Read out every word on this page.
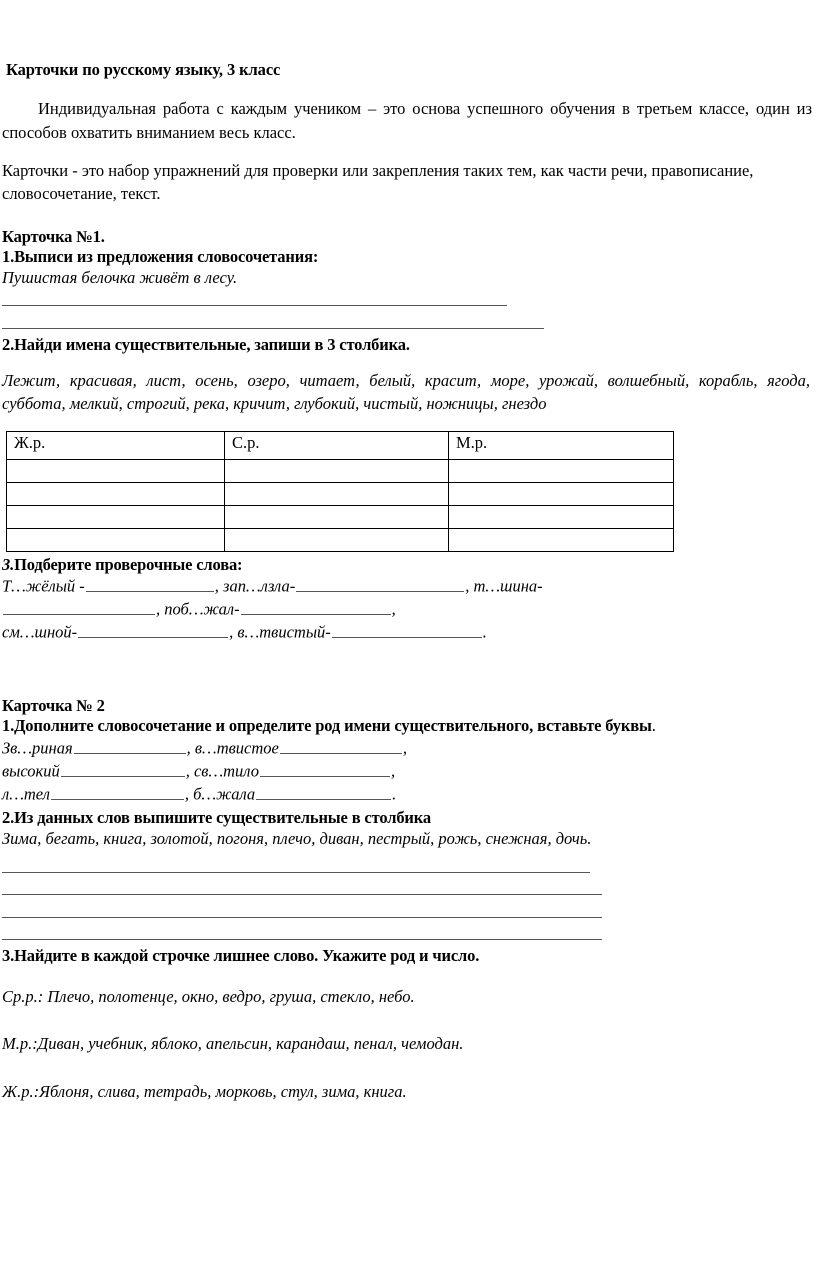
Карточки по русскому языку, 3 класс

Индивидуальная работа с каждым учеником – это основа успешного обучения в третьем классе, один из способов охватить вниманием весь класс.

Карточки - это набор упражнений для проверки или закрепления таких тем, как части речи, правописание, словосочетание, текст.

Карточка №1.
1.Выписи из предложения словосочетания:
Пушистая белочка живёт в лесу.
2.Найди имена существительные, запиши в 3 столбика.

Лежит, красивая, лист, осень, озеро, читает, белый, красит, море, урожай, волшебный, корабль, ягода, суббота, мелкий, строгий, река, кричит, глубокий, чистый, ножницы, гнездо

Ж.р.	С.р.	М.р.

3.Подберите проверочные слова:
Т…жёлый -	, зап…лзла-	, т…шина-
, поб…жал-	,
см…шной-	, в…твистый-	.
Карточка № 2
1.Дополните словосочетание и определите род имени существительного, вставьте буквы.
Зв…риная	, в…твистое	,
высокий	, св…тило	,
л…тел	, б…жала	.
2.Из данных слов выпишите существительные в столбика
Зима, бегать, книга, золотой, погоня, плечо, диван, пестрый, рожь, снежная, дочь.
3.Найдите в каждой строчке лишнее слово. Укажите род и число.
Ср.р.: Плечо, полотенце, окно, ведро, груша, стекло, небо.
М.р.:Диван, учебник, яблоко, апельсин, карандаш, пенал, чемодан.
Ж.р.:Яблоня, слива, тетрадь, морковь, стул, зима, книга.
